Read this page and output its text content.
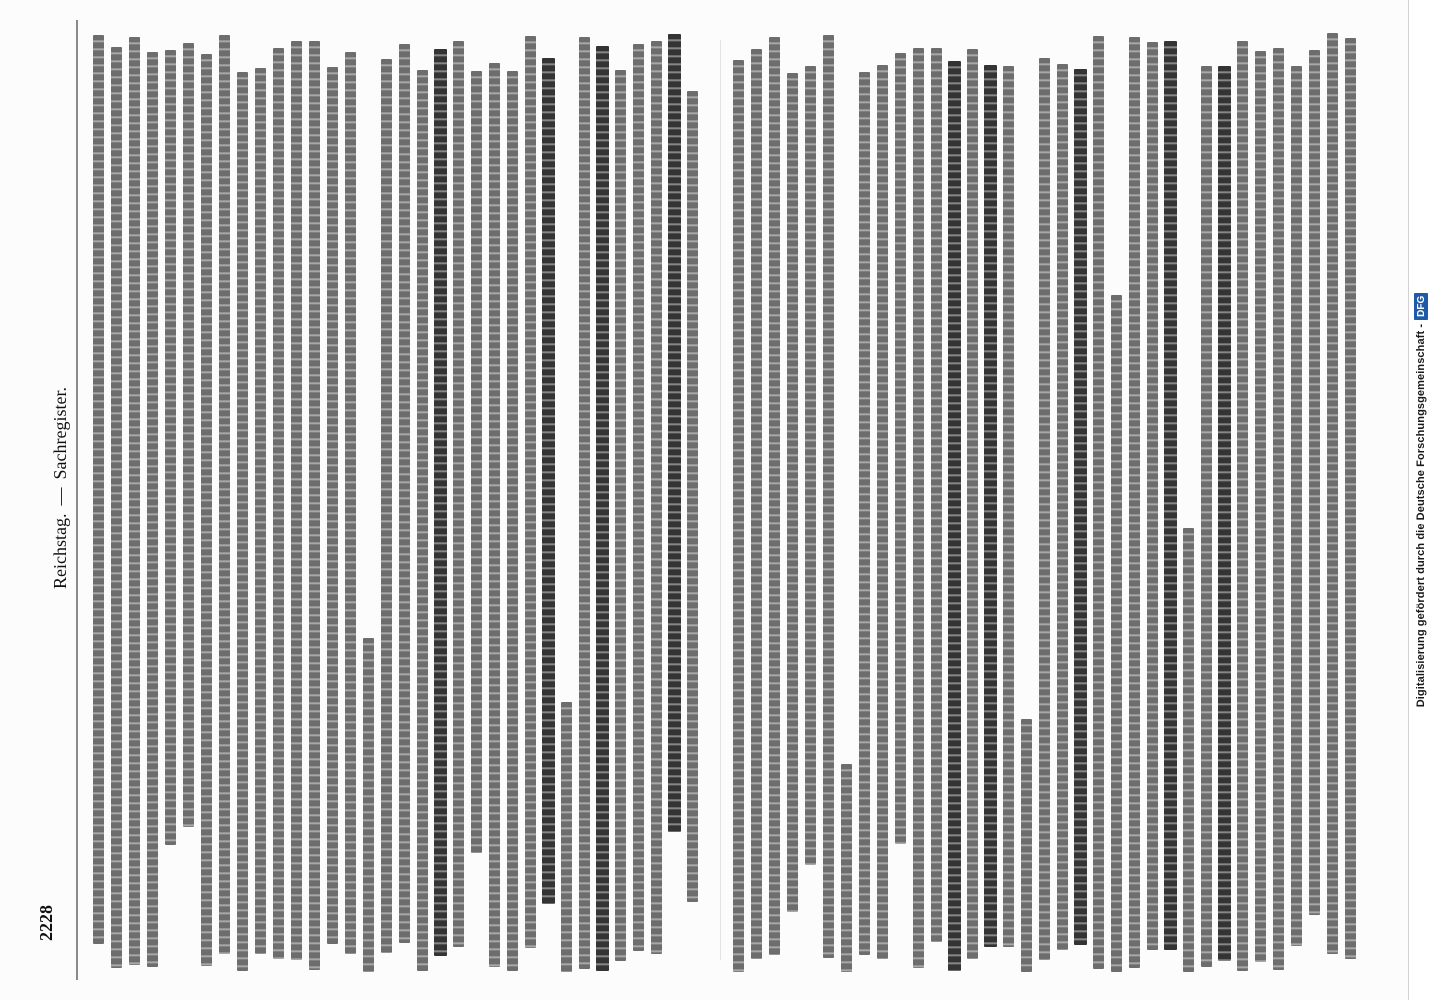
2228
Reichstag.
—
Sachregister.	Digitalisierung gefördert durch die Deutsche Forschungsgemeinschaft -
DFG
